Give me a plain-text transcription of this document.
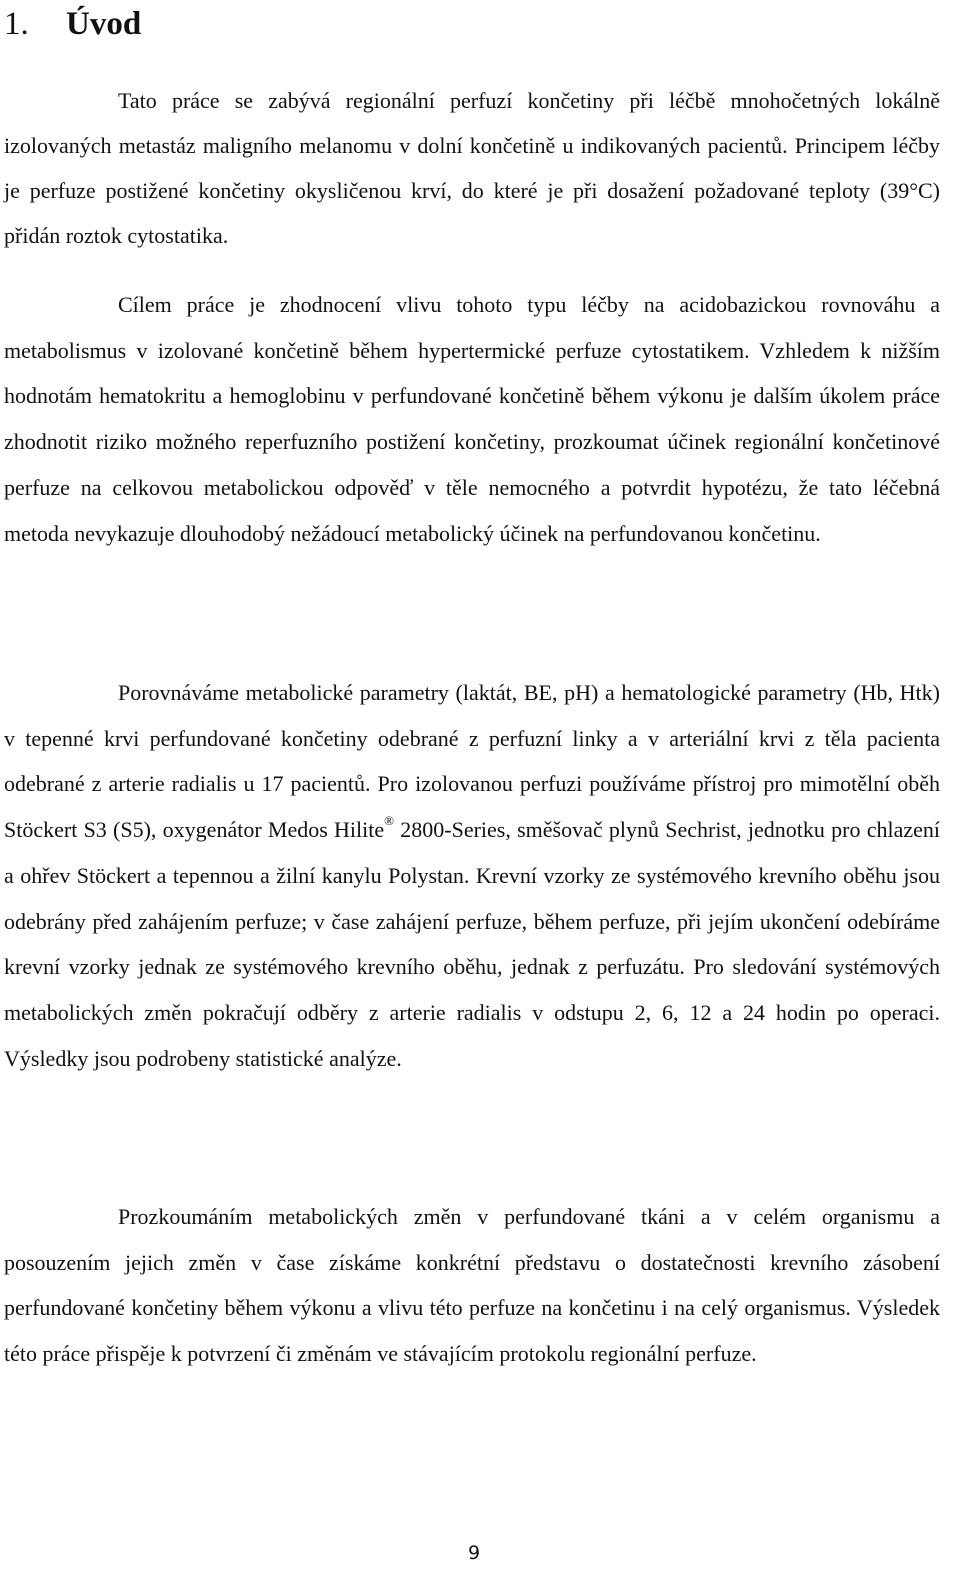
1. Úvod

Tato práce se zabývá regionální perfuzí končetiny při léčbě mnohočetných lokálně izolovaných metastáz maligního melanomu v dolní končetině u indikovaných pacientů. Principem léčby je perfuze postižené končetiny okysličenou krví, do které je při dosažení požadované teploty (39°C) přidán roztok cytostatika.

Cílem práce je zhodnocení vlivu tohoto typu léčby na acidobazickou rovnováhu a metabolismus v izolované končetině během hypertermické perfuze cytostatikem. Vzhledem k nižším hodnotám hematokritu a hemoglobinu v perfundované končetině během výkonu je dalším úkolem práce zhodnotit riziko možného reperfuzního postižení končetiny, prozkoumat účinek regionální končetinové perfuze na celkovou metabolickou odpověď v těle nemocného a potvrdit hypotézu, že tato léčebná metoda nevykazuje dlouhodobý nežádoucí metabolický účinek na perfundovanou končetinu.

Porovnáváme metabolické parametry (laktát, BE, pH) a hematologické parametry (Hb, Htk) v tepenné krvi perfundované končetiny odebrané z perfuzní linky a v arteriální krvi z těla pacienta odebrané z arterie radialis u 17 pacientů. Pro izolovanou perfuzi používáme přístroj pro mimotělní oběh Stöckert S3 (S5), oxygenátor Medos Hilite® 2800-Series, směšovač plynů Sechrist, jednotku pro chlazení a ohřev Stöckert a tepennou a žilní kanylu Polystan. Krevní vzorky ze systémového krevního oběhu jsou odebrány před zahájením perfuze; v čase zahájení perfuze, během perfuze, při jejím ukončení odebíráme krevní vzorky jednak ze systémového krevního oběhu, jednak z perfuzátu. Pro sledování systémových metabolických změn pokračují odběry z arterie radialis v odstupu 2, 6, 12 a 24 hodin po operaci. Výsledky jsou podrobeny statistické analýze.

Prozkoumáním metabolických změn v perfundované tkáni a v celém organismu a posouzením jejich změn v čase získáme konkrétní představu o dostatečnosti krevního zásobení perfundované končetiny během výkonu a vlivu této perfuze na končetinu i na celý organismus. Výsledek této práce přispěje k potvrzení či změnám ve stávajícím protokolu regionální perfuze.

9
